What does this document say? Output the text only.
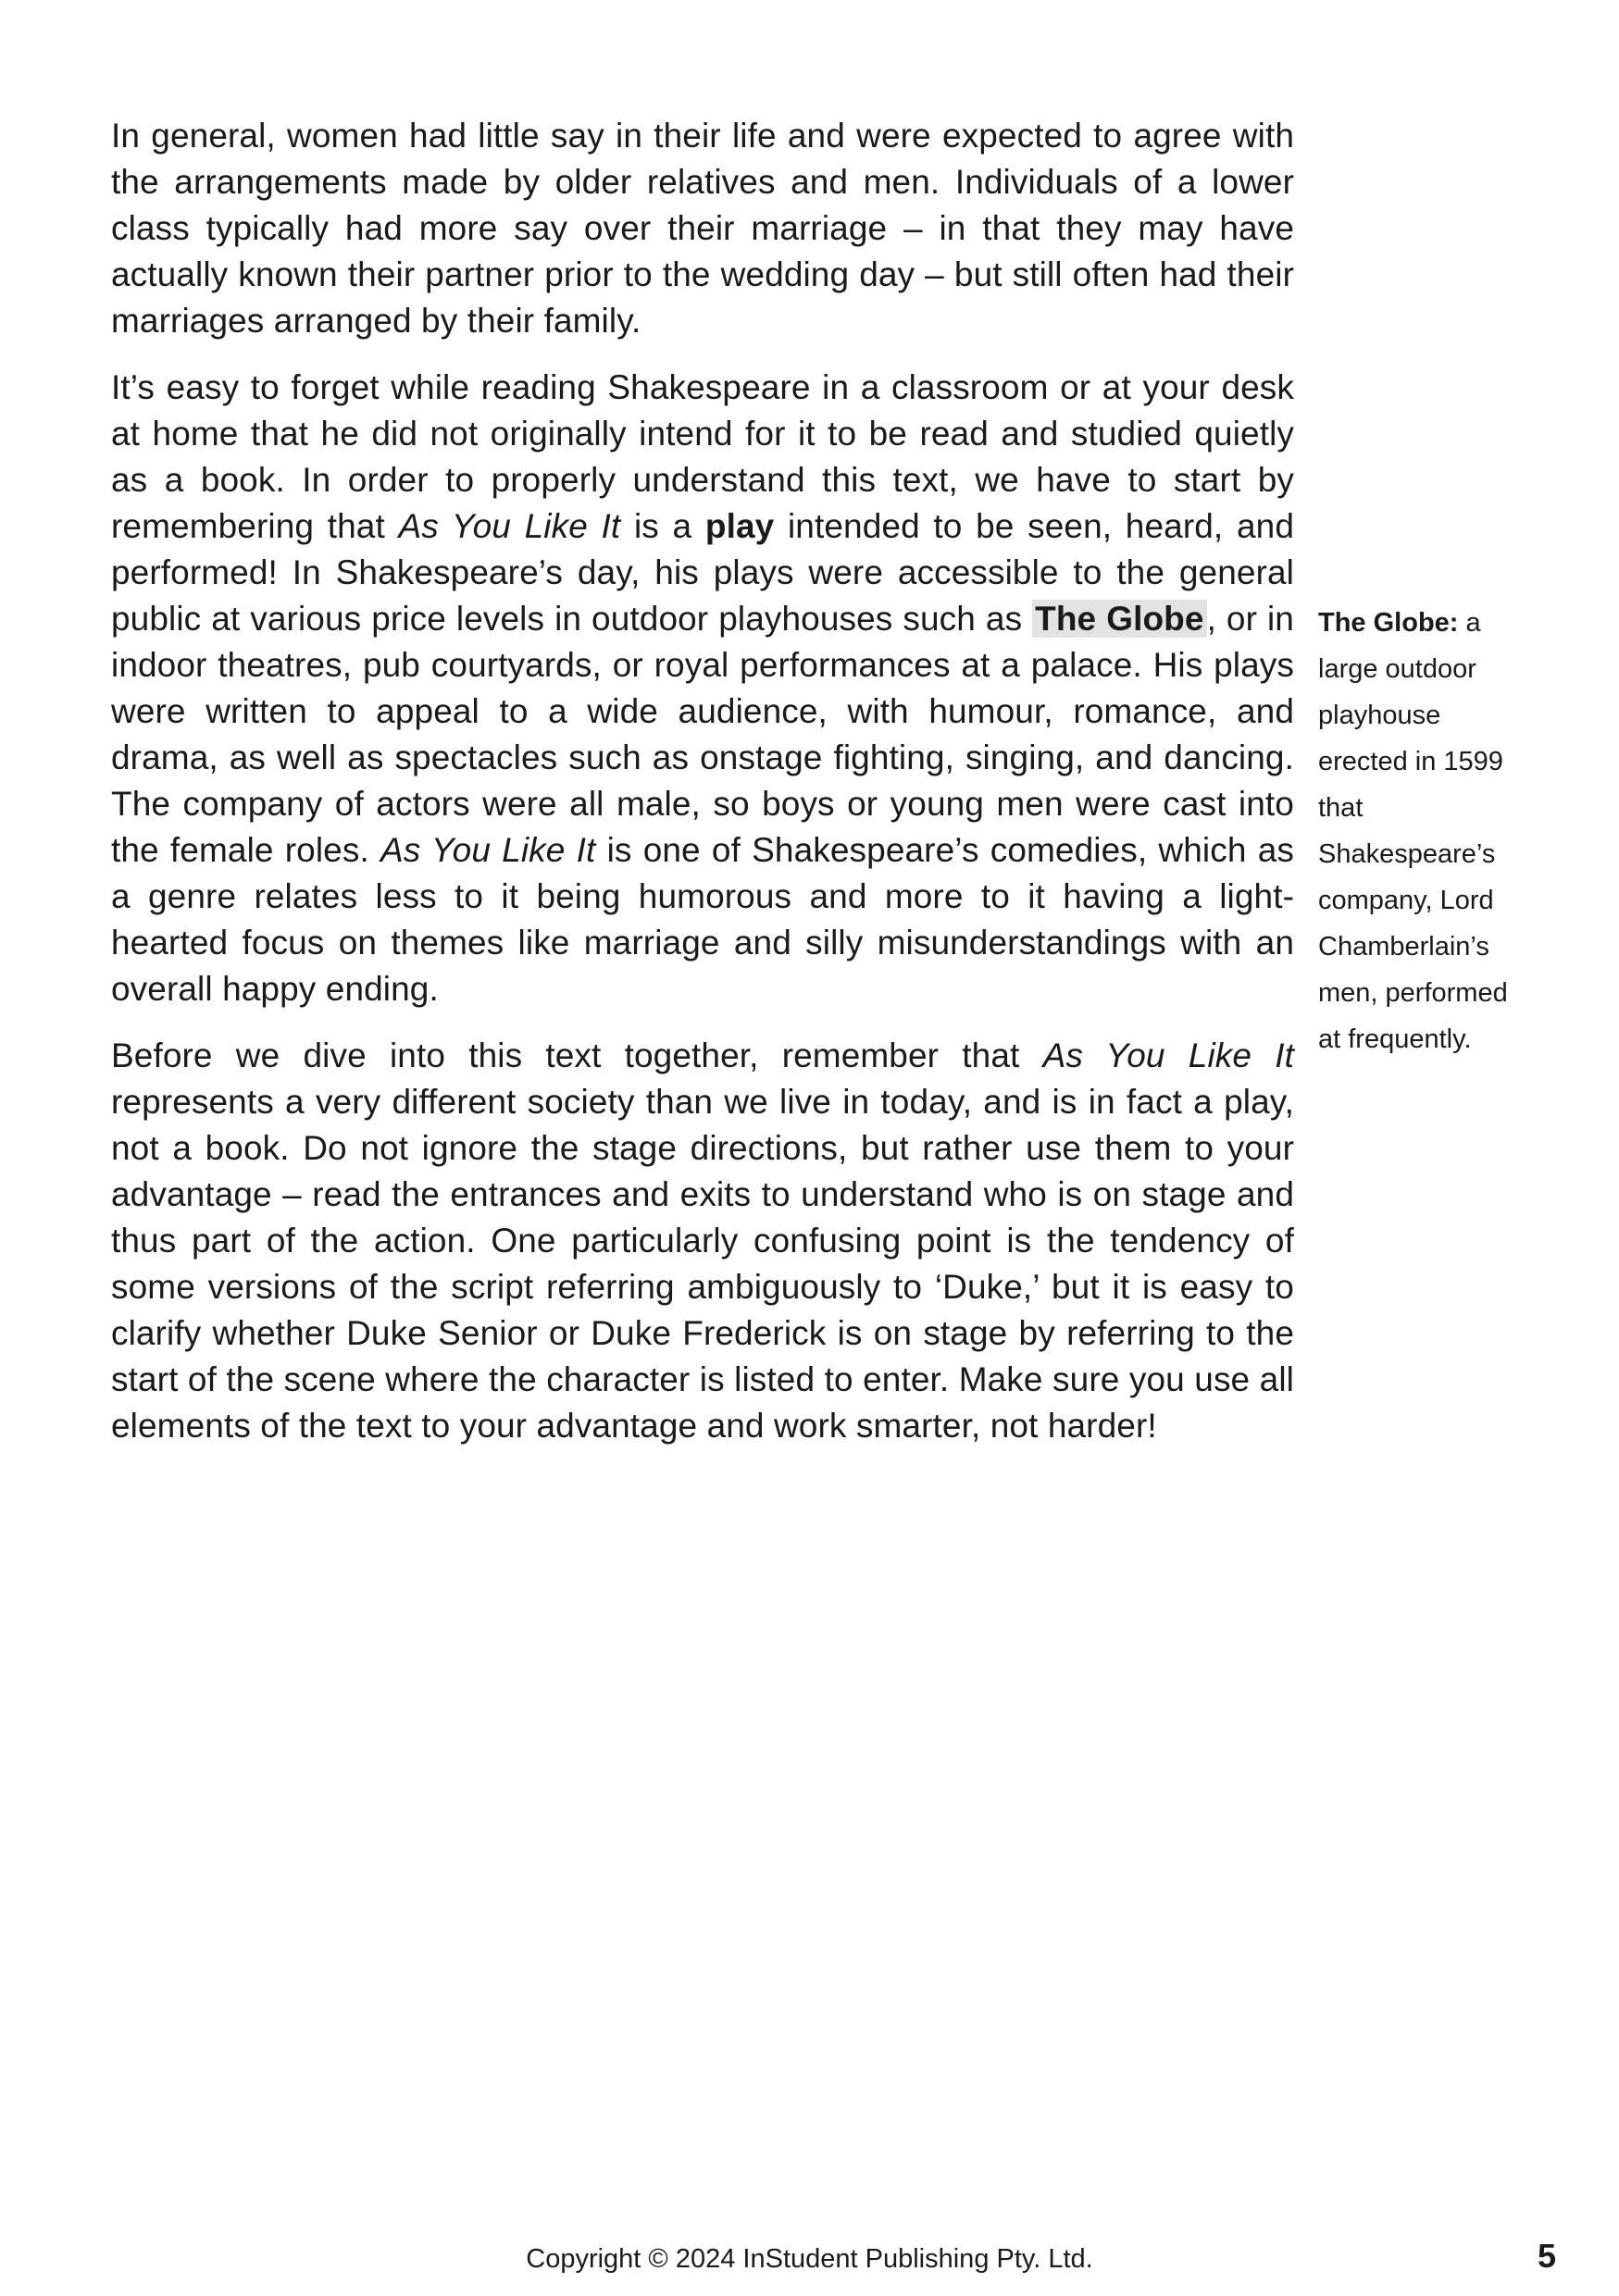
In general, women had little say in their life and were expected to agree with the arrangements made by older relatives and men. Individuals of a lower class typically had more say over their marriage – in that they may have actually known their partner prior to the wedding day – but still often had their marriages arranged by their family.

It’s easy to forget while reading Shakespeare in a classroom or at your desk at home that he did not originally intend for it to be read and studied quietly as a book. In order to properly understand this text, we have to start by remembering that As You Like It is a play intended to be seen, heard, and performed! In Shakespeare’s day, his plays were accessible to the general public at various price levels in outdoor playhouses such as The Globe, or in indoor theatres, pub courtyards, or royal performances at a palace. His plays were written to appeal to a wide audience, with humour, romance, and drama, as well as spectacles such as onstage fighting, singing, and dancing. The company of actors were all male, so boys or young men were cast into the female roles. As You Like It is one of Shakespeare’s comedies, which as a genre relates less to it being humorous and more to it having a light-hearted focus on themes like marriage and silly misunderstandings with an overall happy ending.

Before we dive into this text together, remember that As You Like It represents a very different society than we live in today, and is in fact a play, not a book. Do not ignore the stage directions, but rather use them to your advantage – read the entrances and exits to understand who is on stage and thus part of the action. One particularly confusing point is the tendency of some versions of the script referring ambiguously to ‘Duke,’ but it is easy to clarify whether Duke Senior or Duke Frederick is on stage by referring to the start of the scene where the character is listed to enter. Make sure you use all elements of the text to your advantage and work smarter, not harder!

The Globe: a large outdoor playhouse erected in 1599 that Shakespeare’s company, Lord Chamberlain’s men, performed at frequently.
Copyright © 2024 InStudent Publishing Pty. Ltd.	5
